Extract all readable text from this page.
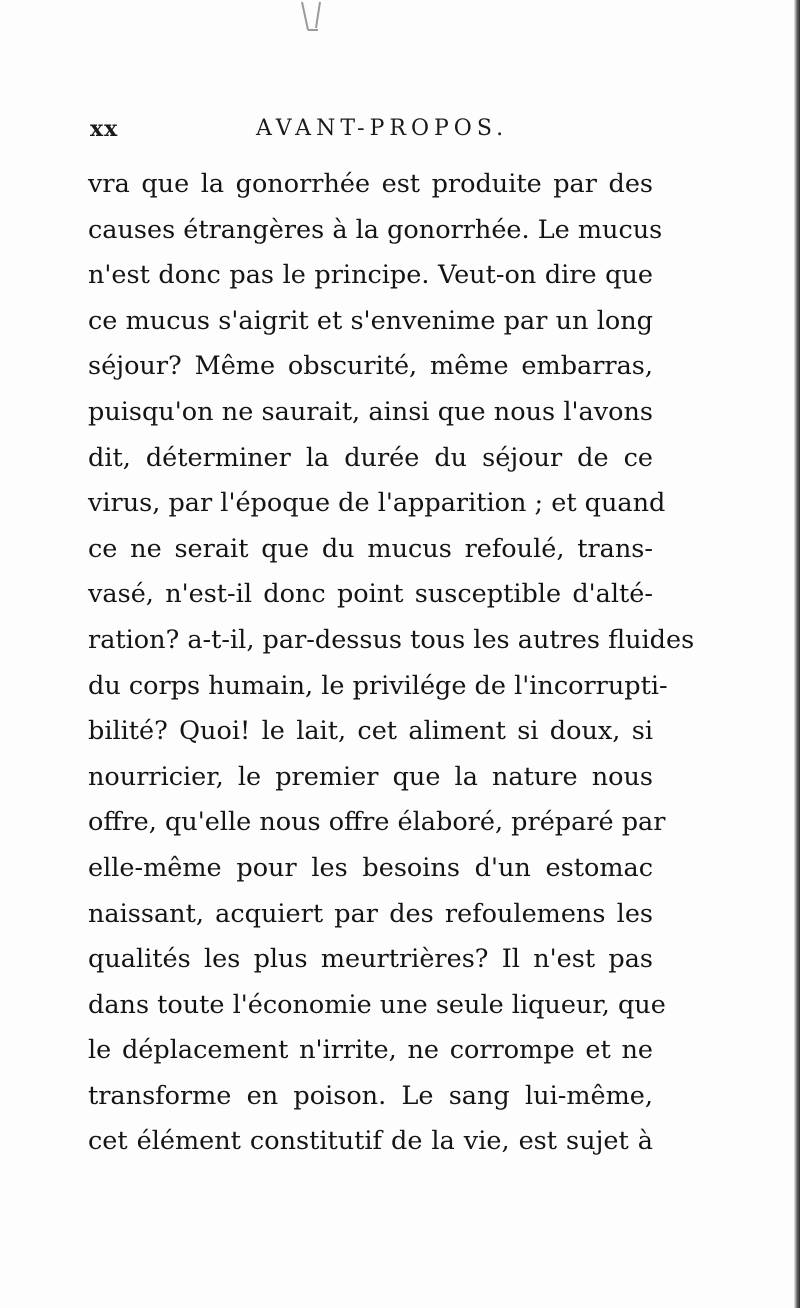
xx	AVANT-PROPOS.
vra que la gonorrhée est produite par des
causes étrangères à la gonorrhée. Le mucus
n'est donc pas le principe. Veut-on dire que
ce mucus s'aigrit et s'envenime par un long
séjour? Même obscurité, même embarras,
puisqu'on ne saurait, ainsi que nous l'avons
dit, déterminer la durée du séjour de ce
virus, par l'époque de l'apparition ; et quand
ce ne serait que du mucus refoulé, trans-
vasé, n'est-il donc point susceptible d'alté-
ration? a-t-il, par-dessus tous les autres fluides
du corps humain, le privilége de l'incorrupti-
bilité? Quoi! le lait, cet aliment si doux, si
nourricier, le premier que la nature nous
offre, qu'elle nous offre élaboré, préparé par
elle-même pour les besoins d'un estomac
naissant, acquiert par des refoulemens les
qualités les plus meurtrières? Il n'est pas
dans toute l'économie une seule liqueur, que
le déplacement n'irrite, ne corrompe et ne
transforme en poison. Le sang lui-même,
cet élément constitutif de la vie, est sujet à
